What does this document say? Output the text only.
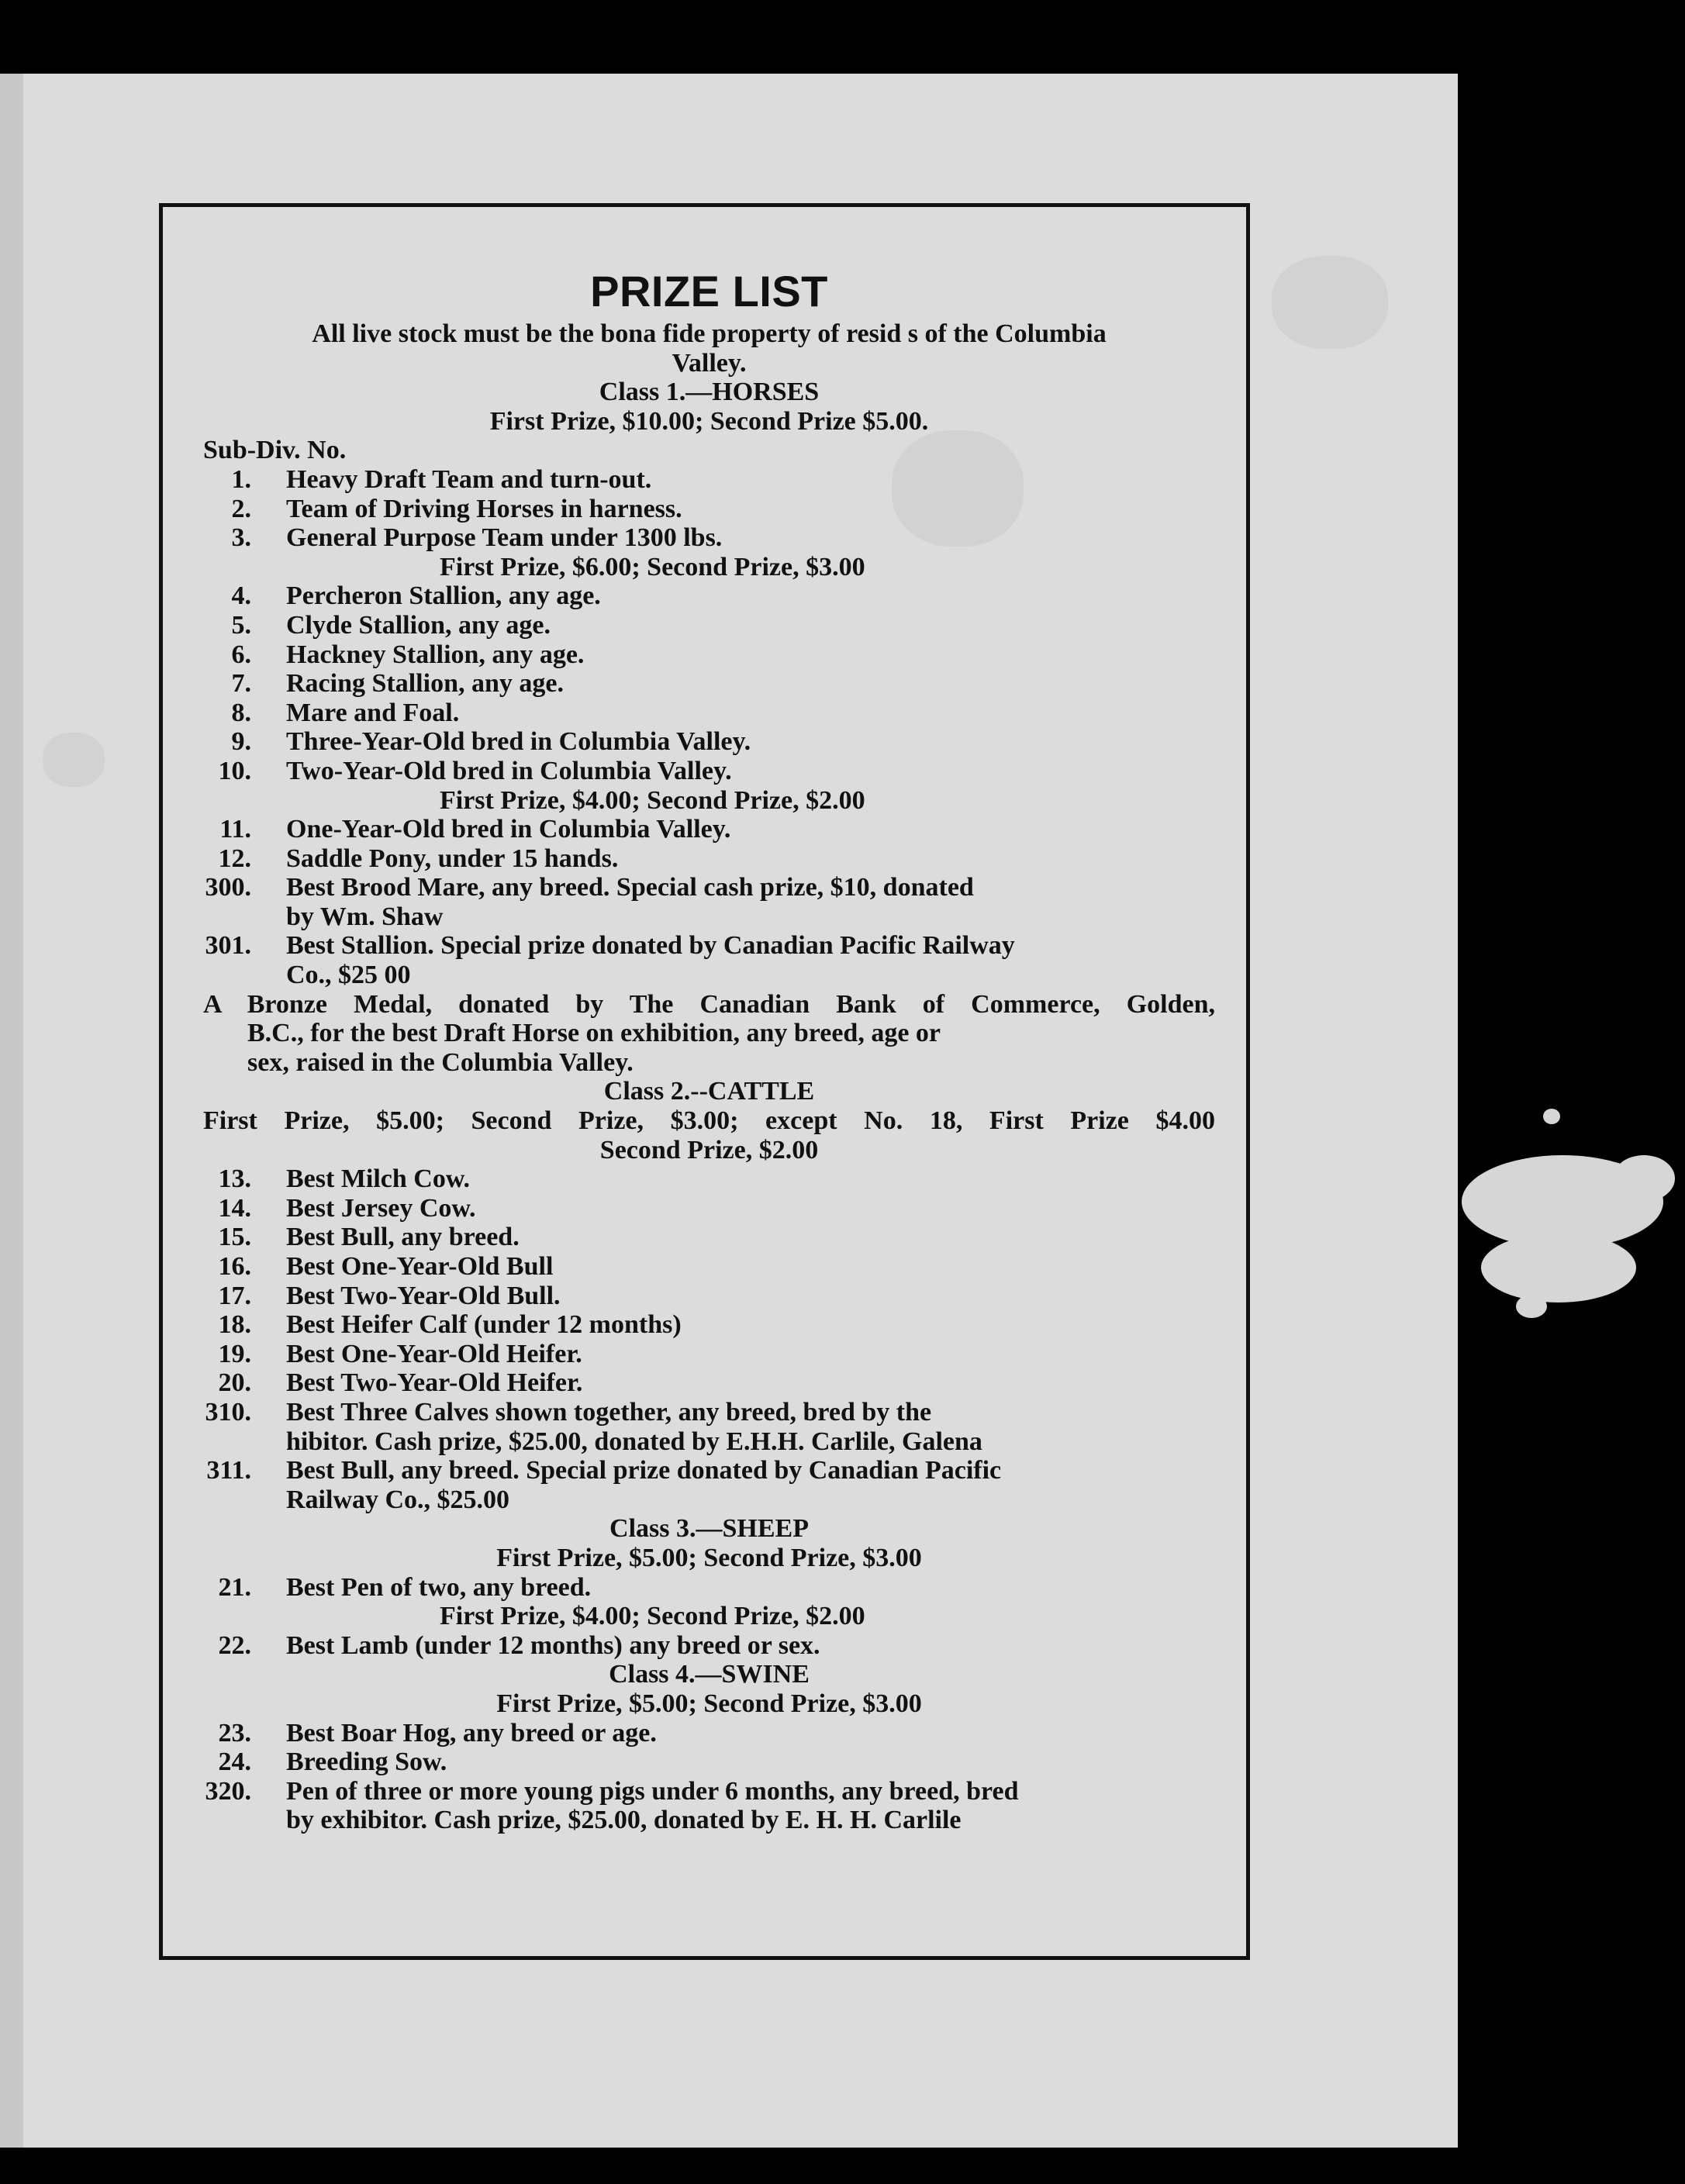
PRIZE LIST
All live stock must be the bona fide property of resid s of the Columbia
Valley.
Class 1.—HORSES
First Prize, $10.00; Second Prize $5.00.
Sub-Div. No.
1. Heavy Draft Team and turn-out.
2. Team of Driving Horses in harness.
3. General Purpose Team under 1300 lbs.
First Prize, $6.00; Second Prize, $3.00
4. Percheron Stallion, any age.
5. Clyde Stallion, any age.
6. Hackney Stallion, any age.
7. Racing Stallion, any age.
8. Mare and Foal.
9. Three-Year-Old bred in Columbia Valley.
10. Two-Year-Old bred in Columbia Valley.
First Prize, $4.00; Second Prize, $2.00
11. One-Year-Old bred in Columbia Valley.
12. Saddle Pony, under 15 hands.
300. Best Brood Mare, any breed. Special cash prize, $10, donated
by Wm. Shaw
301. Best Stallion. Special prize donated by Canadian Pacific Railway
Co., $25 00
A Bronze Medal, donated by The Canadian Bank of Commerce, Golden,
B.C., for the best Draft Horse on exhibition, any breed, age or
sex, raised in the Columbia Valley.
Class 2.--CATTLE
First Prize, $5.00; Second Prize, $3.00; except No. 18, First Prize $4.00
Second Prize, $2.00
13. Best Milch Cow.
14. Best Jersey Cow.
15. Best Bull, any breed.
16. Best One-Year-Old Bull
17. Best Two-Year-Old Bull.
18. Best Heifer Calf (under 12 months)
19. Best One-Year-Old Heifer.
20. Best Two-Year-Old Heifer.
310. Best Three Calves shown together, any breed, bred by the
hibitor. Cash prize, $25.00, donated by E.H.H. Carlile, Galena
311. Best Bull, any breed. Special prize donated by Canadian Pacific
Railway Co., $25.00
Class 3.—SHEEP
First Prize, $5.00; Second Prize, $3.00
21. Best Pen of two, any breed.
First Prize, $4.00; Second Prize, $2.00
22. Best Lamb (under 12 months) any breed or sex.
Class 4.—SWINE
First Prize, $5.00; Second Prize, $3.00
23. Best Boar Hog, any breed or age.
24. Breeding Sow.
320. Pen of three or more young pigs under 6 months, any breed, bred
by exhibitor. Cash prize, $25.00, donated by E. H. H. Carlile
